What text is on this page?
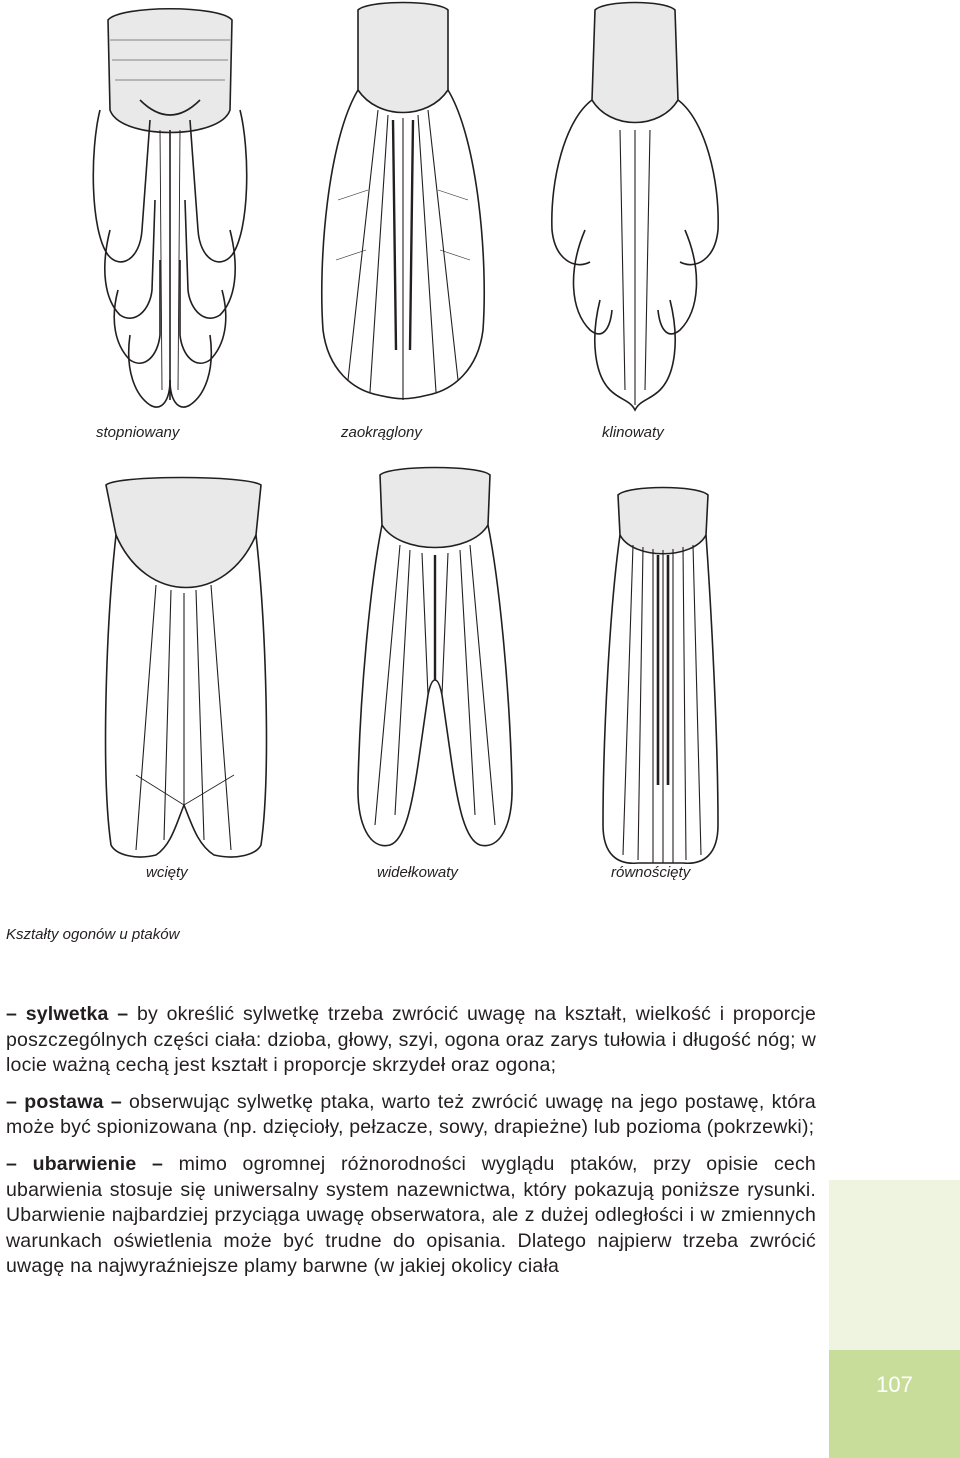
stopniowany	zaokrąglony	klinowaty
wcięty	widełkowaty	równościęty
Kształty ogonów u ptaków
107

– sylwetka – by określić sylwetkę trzeba zwrócić uwagę na kształt, wielkość i proporcje poszczególnych części ciała: dzioba, głowy, szyi, ogona oraz zarys tułowia i długość nóg; w locie ważną cechą jest kształt i proporcje skrzydeł oraz ogona;

– postawa – obserwując sylwetkę ptaka, warto też zwrócić uwagę na jego postawę, która może być spionizowana (np. dzięcioły, pełzacze, sowy, drapieżne) lub pozioma (pokrzewki);

– ubarwienie – mimo ogromnej różnorodności wyglądu ptaków, przy opisie cech ubarwienia stosuje się uniwersalny system nazewnictwa, który pokazują poniższe rysunki. Ubarwienie najbardziej przyciąga uwagę obserwatora, ale z dużej odległości i w zmiennych warunkach oświetlenia może być trudne do opisania. Dlatego najpierw trzeba zwrócić uwagę na najwyraźniejsze plamy barwne (w jakiej okolicy ciała
